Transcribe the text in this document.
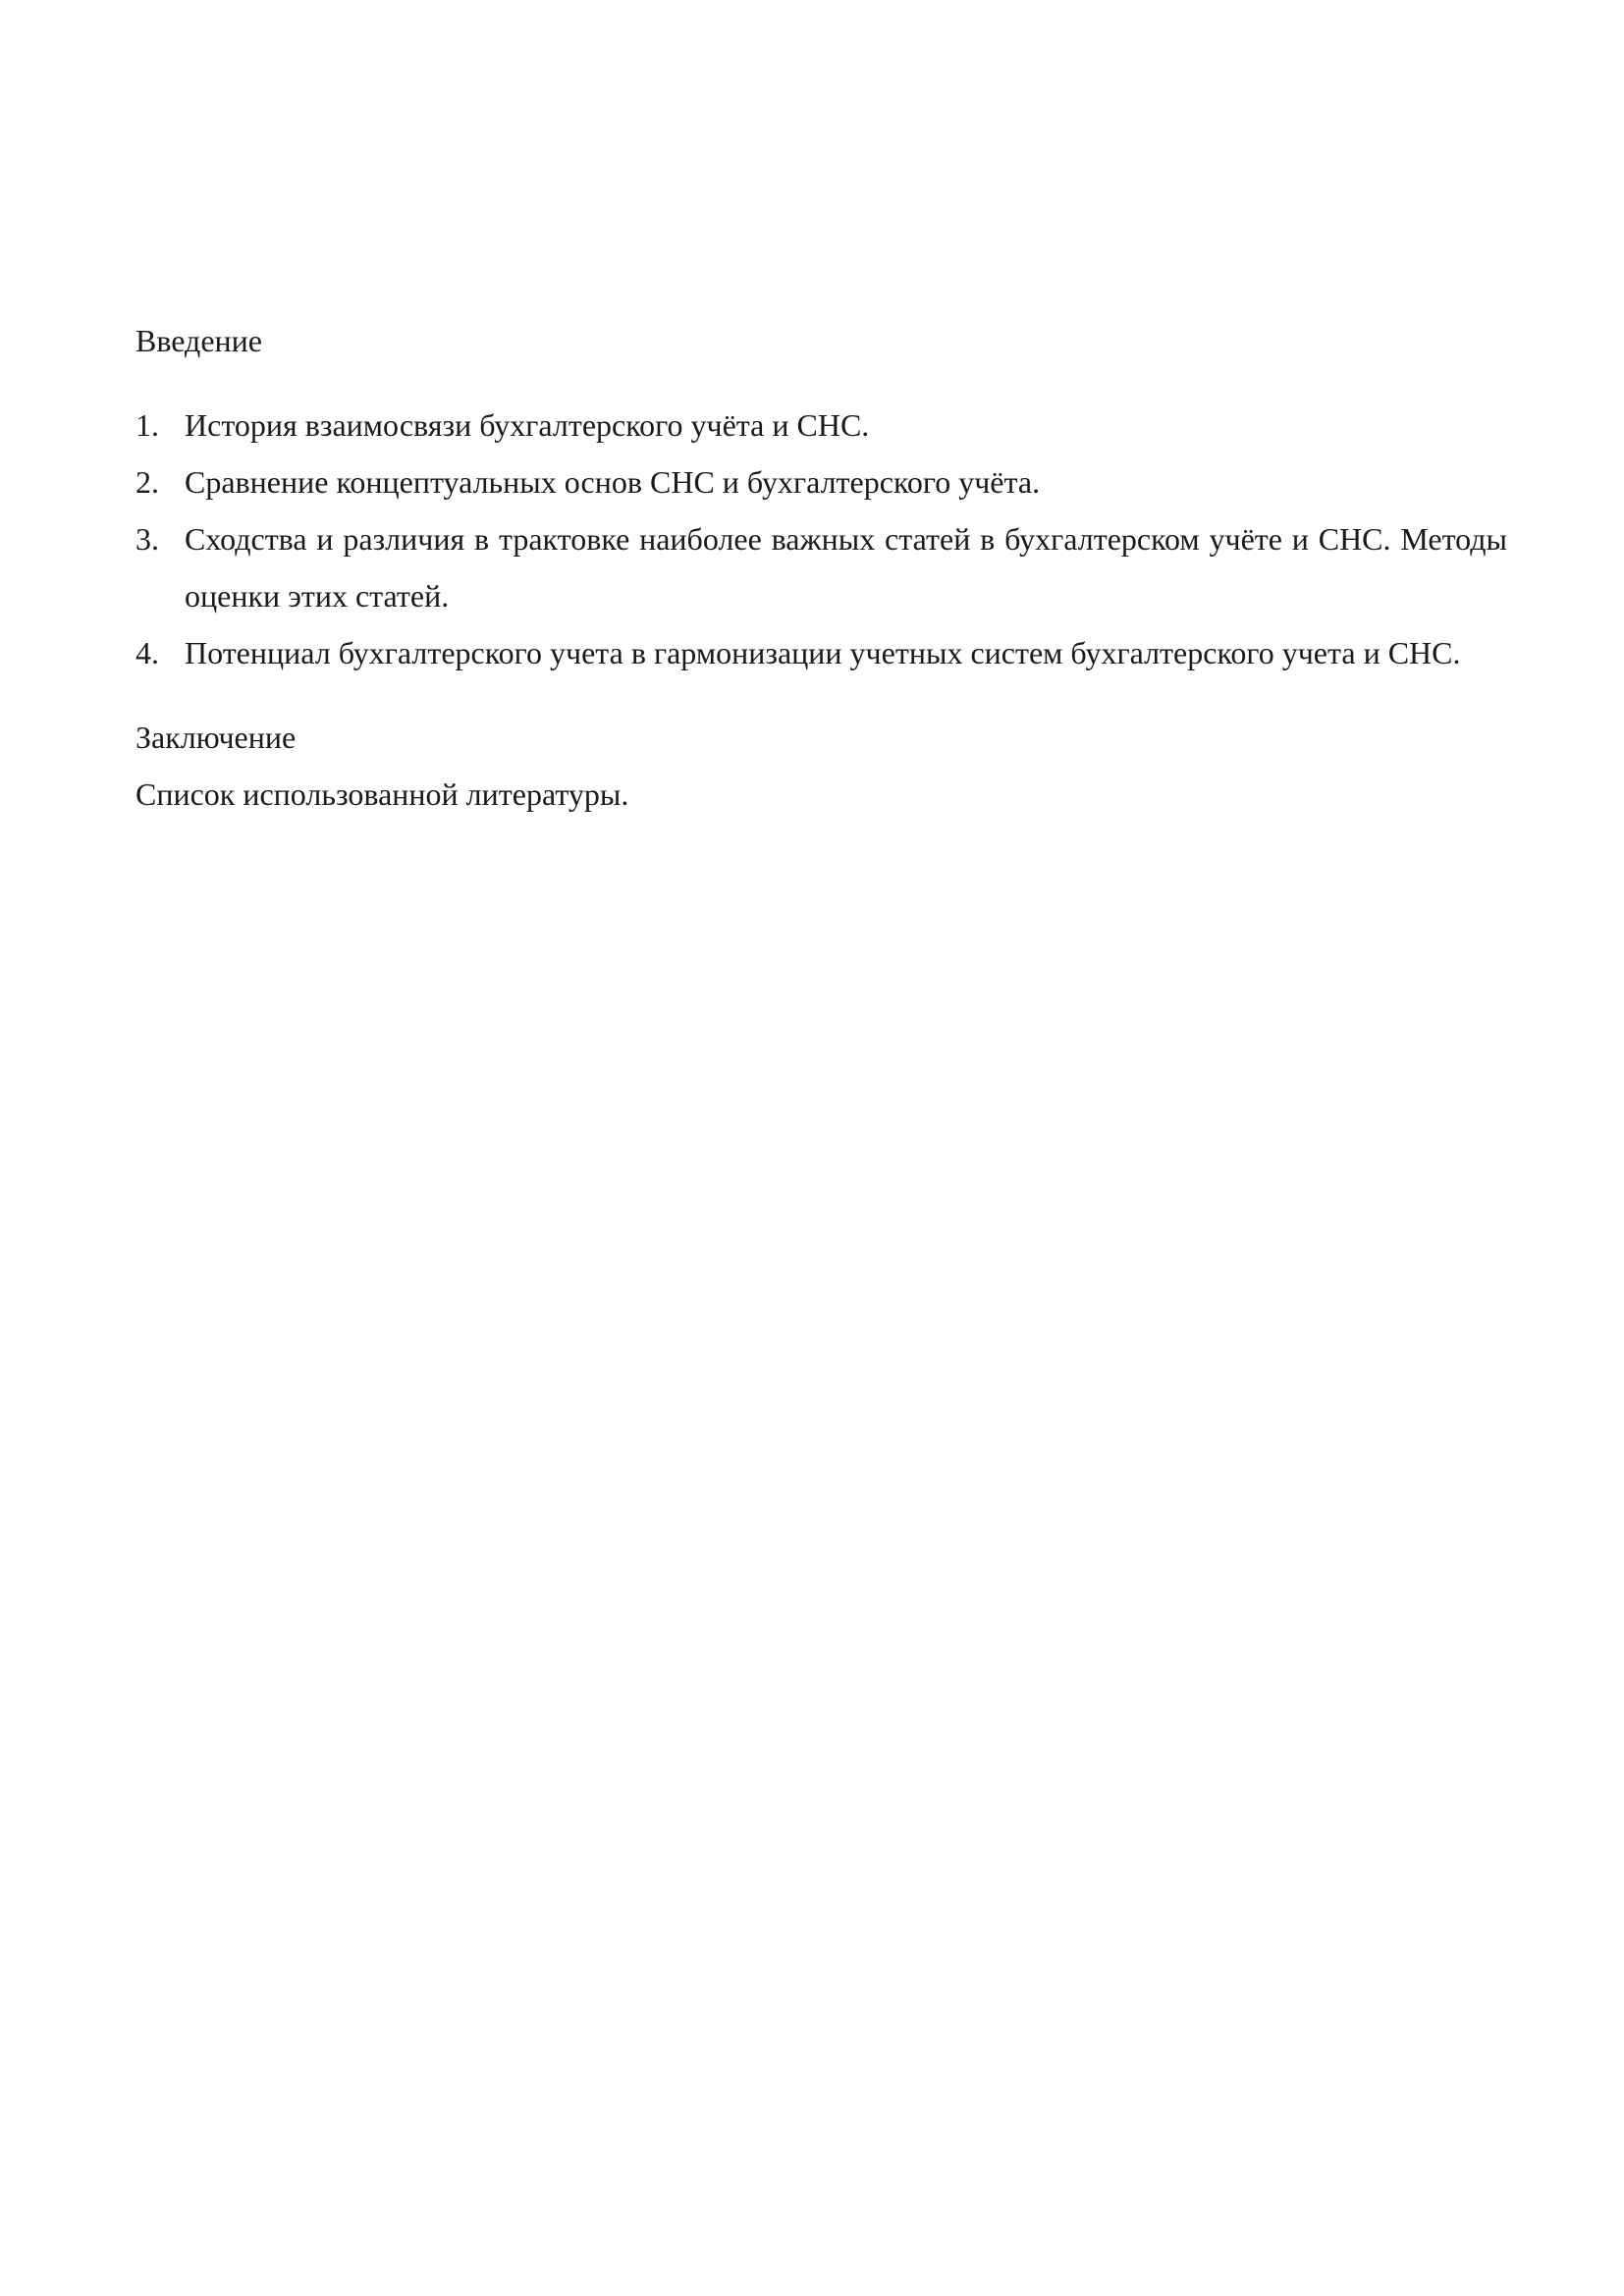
Введение

1. История взаимосвязи бухгалтерского учёта и СНС.
2. Сравнение концептуальных основ СНС и бухгалтерского учёта.
3. Сходства и различия в трактовке наиболее важных статей в бухгалтерском учёте и СНС. Методы оценки этих статей.
4. Потенциал бухгалтерского учета в гармонизации учетных систем бухгалтерского учета и СНС.

Заключение

Список использованной литературы.
